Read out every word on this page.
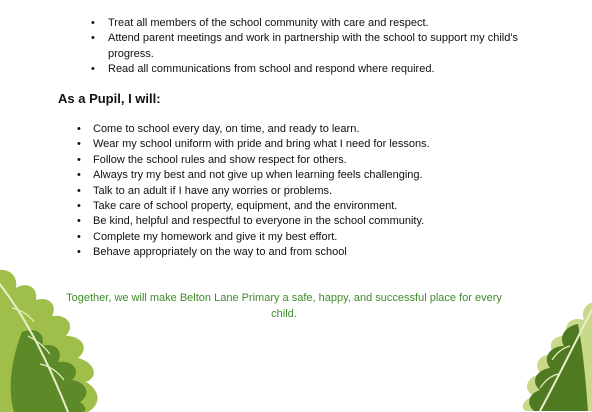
• Treat all members of the school community with care and respect.
• Attend parent meetings and work in partnership with the school to support my child's progress.
• Read all communications from school and respond where required.
As a Pupil, I will:
• Come to school every day, on time, and ready to learn.
• Wear my school uniform with pride and bring what I need for lessons.
• Follow the school rules and show respect for others.
• Always try my best and not give up when learning feels challenging.
• Talk to an adult if I have any worries or problems.
• Take care of school property, equipment, and the environment.
• Be kind, helpful and respectful to everyone in the school community.
• Complete my homework and give it my best effort.
• Behave appropriately on the way to and from school

Together, we will make Belton Lane Primary a safe, happy, and successful place for every child.
